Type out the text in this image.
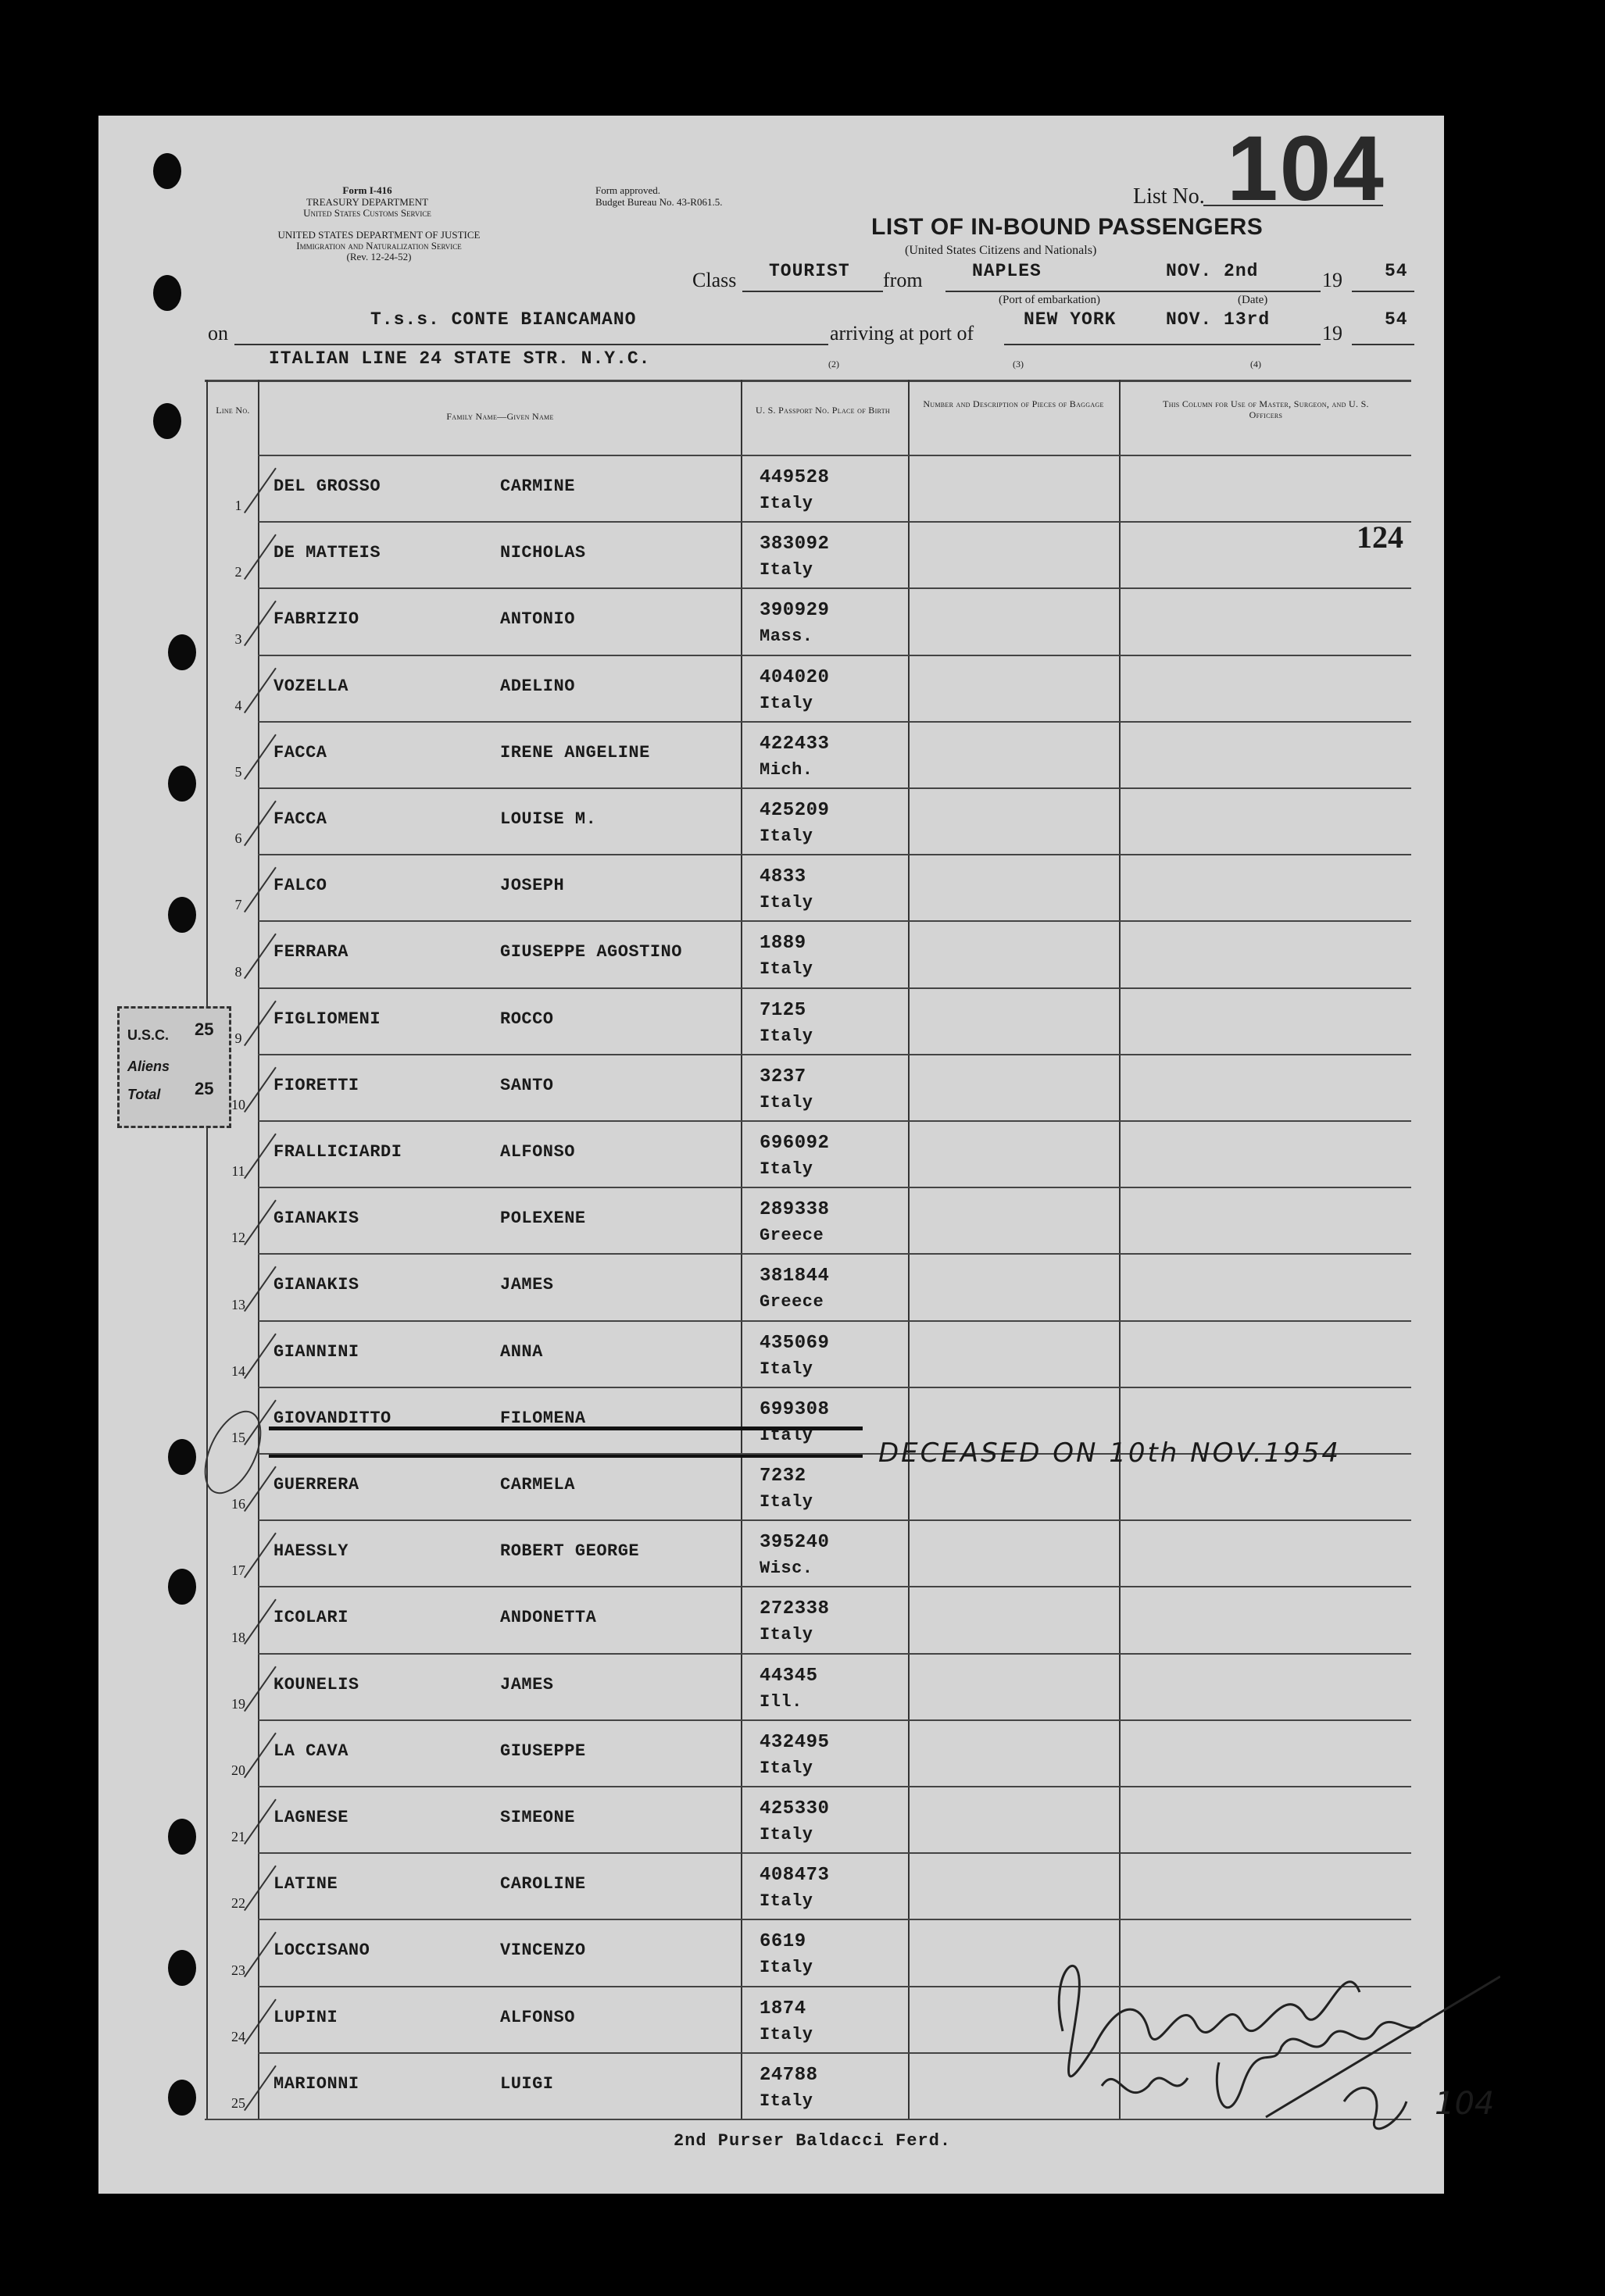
Form I-416
TREASURY DEPARTMENT
United States Customs Service
Form approved.
Budget Bureau No. 43-R061.5.
UNITED STATES DEPARTMENT OF JUSTICE
Immigration and Naturalization Service
(Rev. 12-24-52)
List No. 104
LIST OF IN-BOUND PASSENGERS
(United States Citizens and Nationals)
Class TOURIST from	NAPLES
(Port of embarkation)
NOV. 2nd
(Date)
19 54
on
T.s.s. CONTE BIANCAMANO
arriving at port of
NEW YORK	NOV. 13rd
19
54
ITALIAN LINE 24 STATE STR. N.Y.C.	(2)	(3)	(4)
Line No.
Family Name—Given Name
U. S. Passport No. Place of Birth
Number and Description of Pieces of Baggage	This Column for Use of Master, Surgeon, and U. S. Officers
1
DEL GROSSO	CARMINE	449528
Italy
2
DE MATTEIS	NICHOLAS	383092
Italy
3
FABRIZIO	ANTONIO	390929
Mass.
4
VOZELLA	ADELINO	404020
Italy
5
FACCA	IRENE ANGELINE	422433
Mich.
6
FACCA	LOUISE M.	425209
Italy
7
FALCO	JOSEPH	4833
Italy
8
FERRARA	GIUSEPPE AGOSTINO	1889
Italy
9
FIGLIOMENI	ROCCO	7125
Italy
10
FIORETTI	SANTO	3237
Italy
11
FRALLICIARDI	ALFONSO	696092
Italy
12
GIANAKIS	POLEXENE	289338
Greece
13
GIANAKIS	JAMES	381844
Greece
14
GIANNINI	ANNA	435069
Italy
15
GIOVANDITTO	FILOMENA	699308
Italy
16
GUERRERA	CARMELA	7232
Italy
17
HAESSLY	ROBERT GEORGE	395240
Wisc.
18
ICOLARI	ANDONETTA	272338
Italy
19
KOUNELIS	JAMES	44345
Ill.
20
LA CAVA	GIUSEPPE	432495
Italy
21
LAGNESE	SIMEONE	425330
Italy
22
LATINE	CAROLINE	408473
Italy
23
LOCCISANO	VINCENZO	6619
Italy
24
LUPINI	ALFONSO	1874
Italy
25
MARIONNI	LUIGI	24788
Italy
124
DECEASED ON 10th NOV.1954
U.S.C. 25
Aliens
Total 25
2nd Purser Baldacci Ferd.
104
